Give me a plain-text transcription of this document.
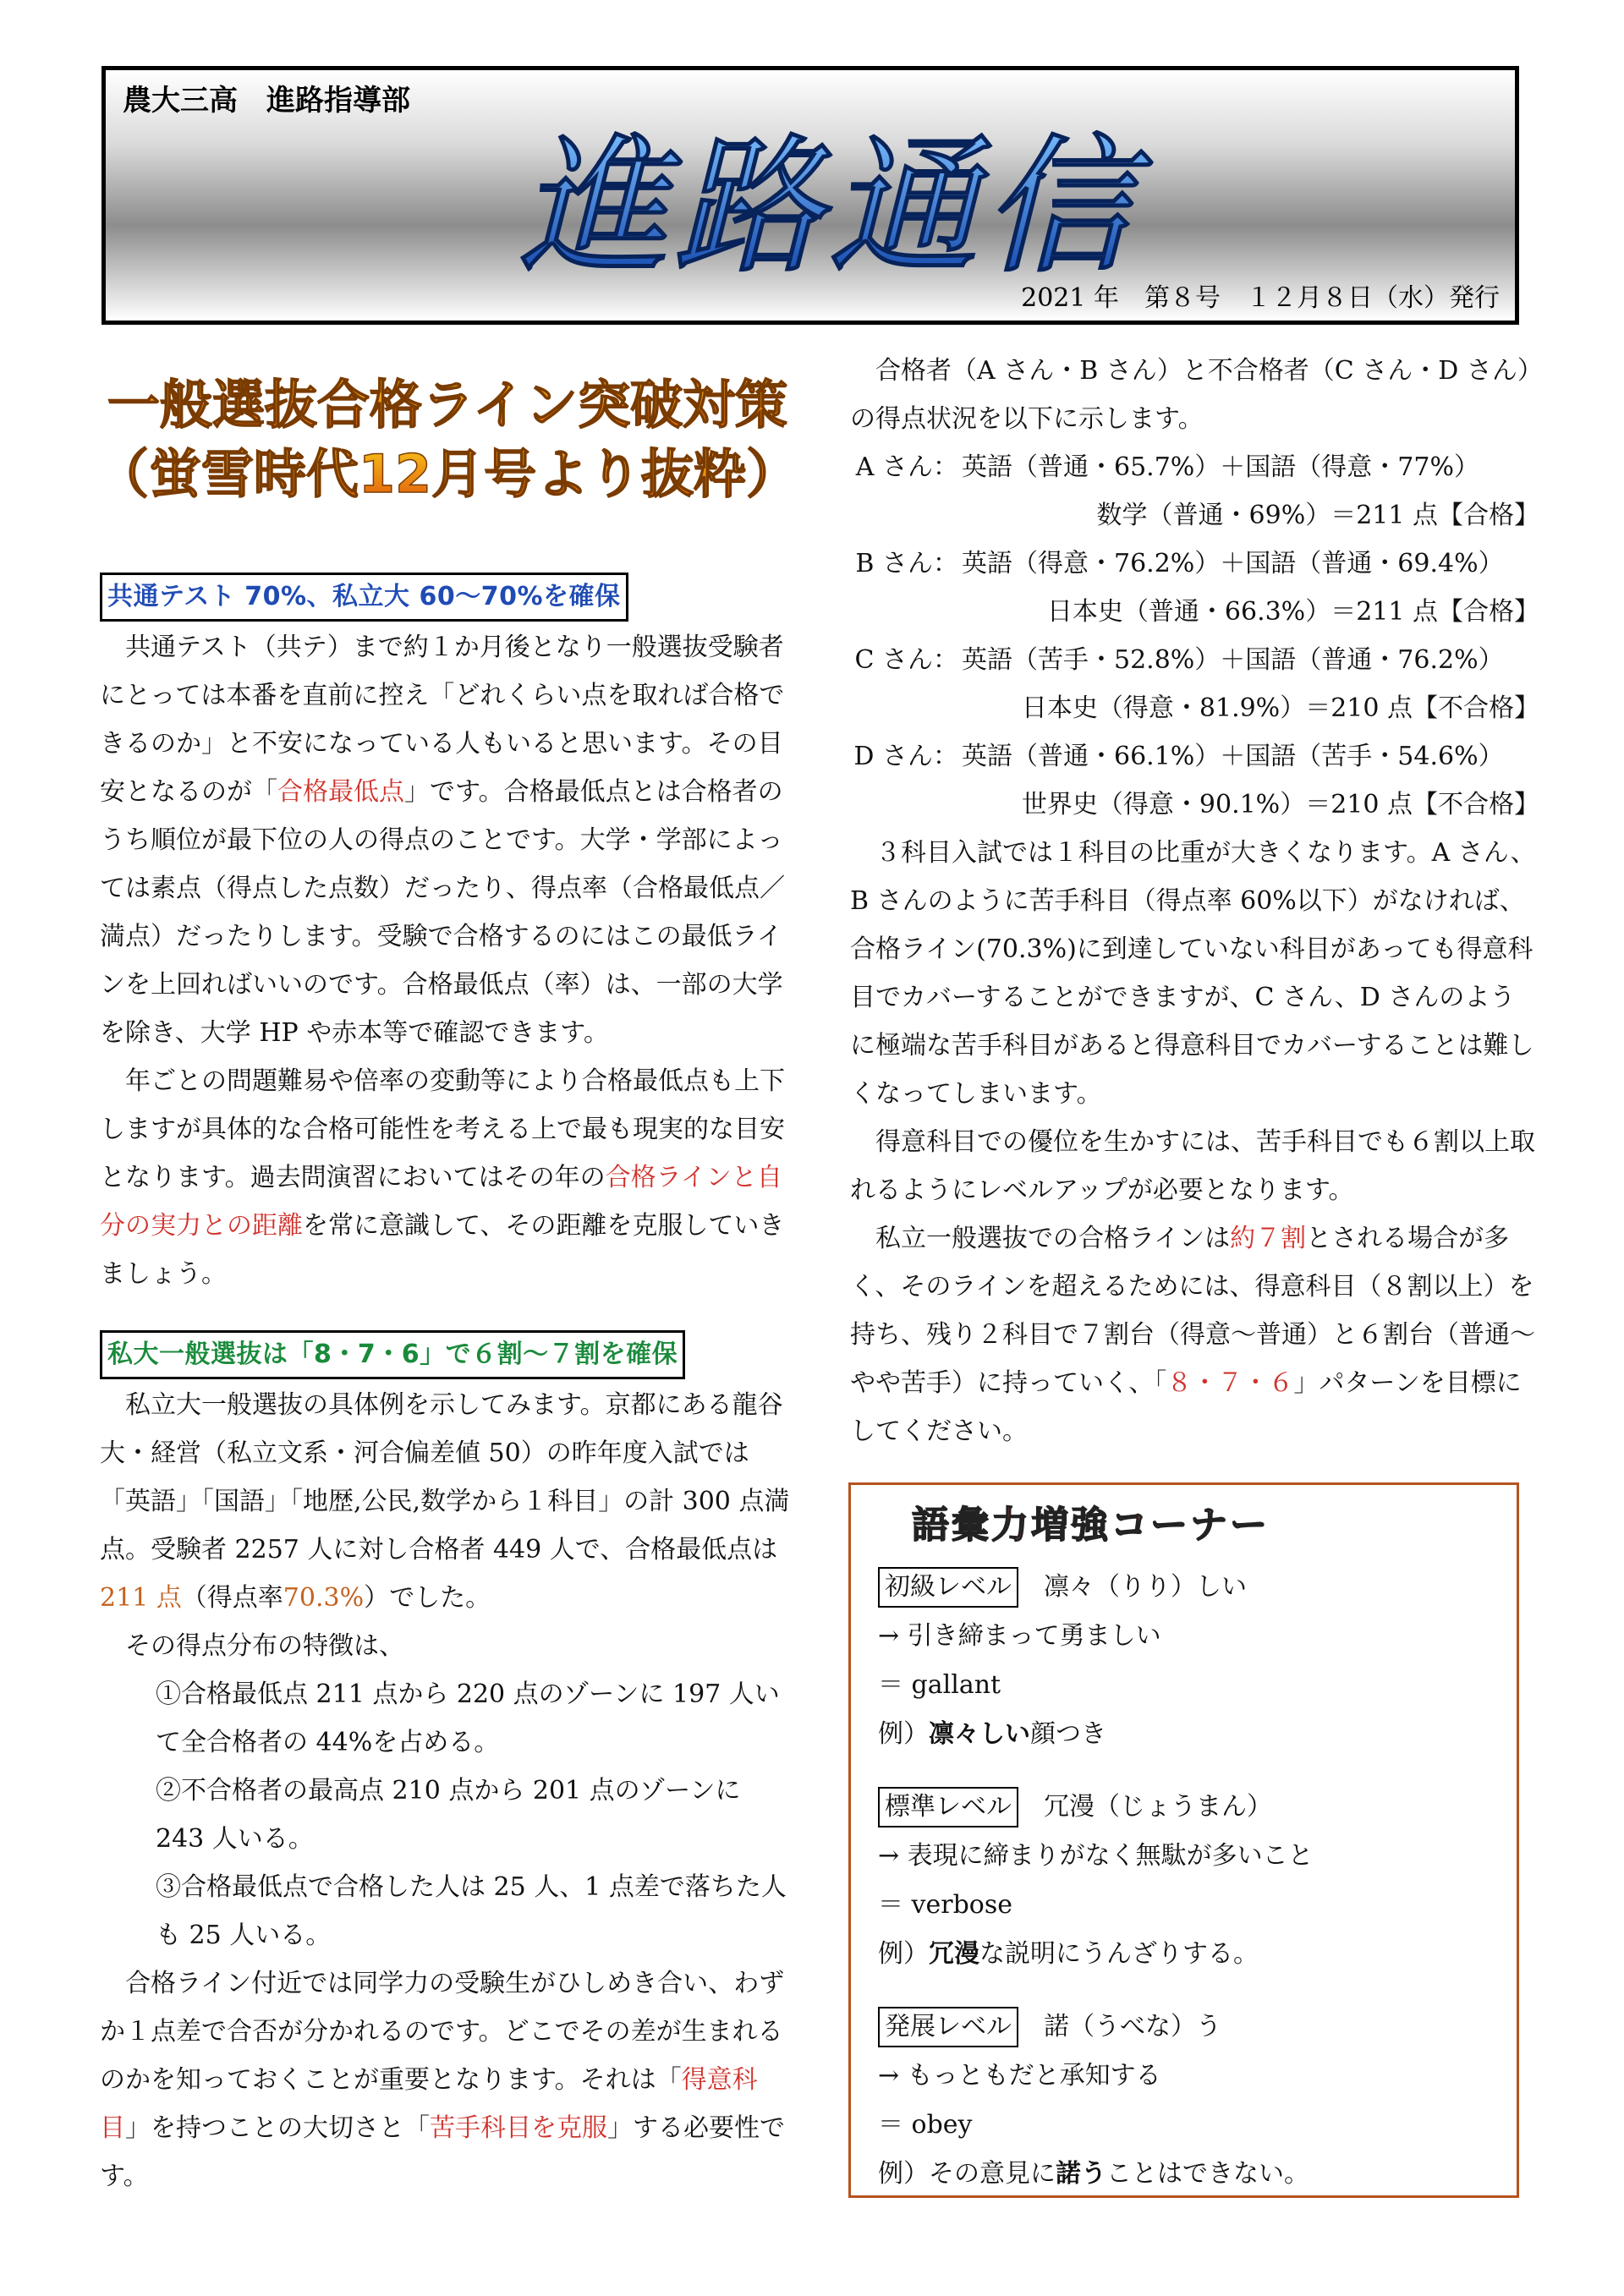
農大三高　進路指導部
進路通信
2021 年　第８号　１２月８日（水）発行
一般選抜合格ライン突破対策
（蛍雪時代12月号より抜粋）
共通テスト 70%、私立大 60～70%を確保

共通テスト（共テ）まで約１か月後となり一般選抜受験者にとっては本番を直前に控え「どれくらい点を取れば合格できるのか」と不安になっている人もいると思います。その目安となるのが「合格最低点」です。合格最低点とは合格者のうち順位が最下位の人の得点のことです。大学・学部によっては素点（得点した点数）だったり、得点率（合格最低点／満点）だったりします。受験で合格するのにはこの最低ラインを上回ればいいのです。合格最低点（率）は、一部の大学を除き、大学 HP や赤本等で確認できます。

年ごとの問題難易や倍率の変動等により合格最低点も上下しますが具体的な合格可能性を考える上で最も現実的な目安となります。過去問演習においてはその年の合格ラインと自分の実力との距離を常に意識して、その距離を克服していきましょう。

私大一般選抜は「8・7・6」で６割～７割を確保

私立大一般選抜の具体例を示してみます。京都にある龍谷大・経営（私立文系・河合偏差値 50）の昨年度入試では「英語」「国語」「地歴,公民,数学から１科目」の計 300 点満点。受験者 2257 人に対し合格者 449 人で、合格最低点は211 点（得点率70.3%）でした。

その得点分布の特徴は、

①合格最低点 211 点から 220 点のゾーンに 197 人いて全合格者の 44%を占める。

②不合格者の最高点 210 点から 201 点のゾーンに 243 人いる。

③合格最低点で合格した人は 25 人、1 点差で落ちた人も 25 人いる。

合格ライン付近では同学力の受験生がひしめき合い、わずか１点差で合否が分かれるのです。どこでその差が生まれるのかを知っておくことが重要となります。それは「得意科目」を持つことの大切さと「苦手科目を克服」する必要性です。

合格者（A さん・B さん）と不合格者（C さん・D さん）の得点状況を以下に示します。

A さん： 英語（普通・65.7%）＋国語（得意・77%）
数学（普通・69%）＝211 点【合格】
B さん： 英語（得意・76.2%）＋国語（普通・69.4%）
日本史（普通・66.3%）＝211 点【合格】
C さん： 英語（苦手・52.8%）＋国語（普通・76.2%）
日本史（得意・81.9%）＝210 点【不合格】
D さん： 英語（普通・66.1%）＋国語（苦手・54.6%）
世界史（得意・90.1%）＝210 点【不合格】

３科目入試では１科目の比重が大きくなります。A さん、B さんのように苦手科目（得点率 60%以下）がなければ、合格ライン(70.3%)に到達していない科目があっても得意科目でカバーすることができますが、C さん、D さんのように極端な苦手科目があると得意科目でカバーすることは難しくなってしまいます。

得意科目での優位を生かすには、苦手科目でも６割以上取れるようにレベルアップが必要となります。

私立一般選抜での合格ラインは約７割とされる場合が多く、そのラインを超えるためには、得意科目（８割以上）を持ち、残り２科目で７割台（得意～普通）と６割台（普通～やや苦手）に持っていく、「８・７・６」パターンを目標にしてください。

語彙力増強コーナー
初級レベル 凛々（りり）しい
→ 引き締まって勇ましい
＝ gallant
例）凛々しい顔つき
標準レベル 冗漫（じょうまん）
→ 表現に締まりがなく無駄が多いこと
＝ verbose
例）冗漫な説明にうんざりする。
発展レベル 諾（うべな）う
→ もっともだと承知する
＝ obey
例）その意見に諾うことはできない。
